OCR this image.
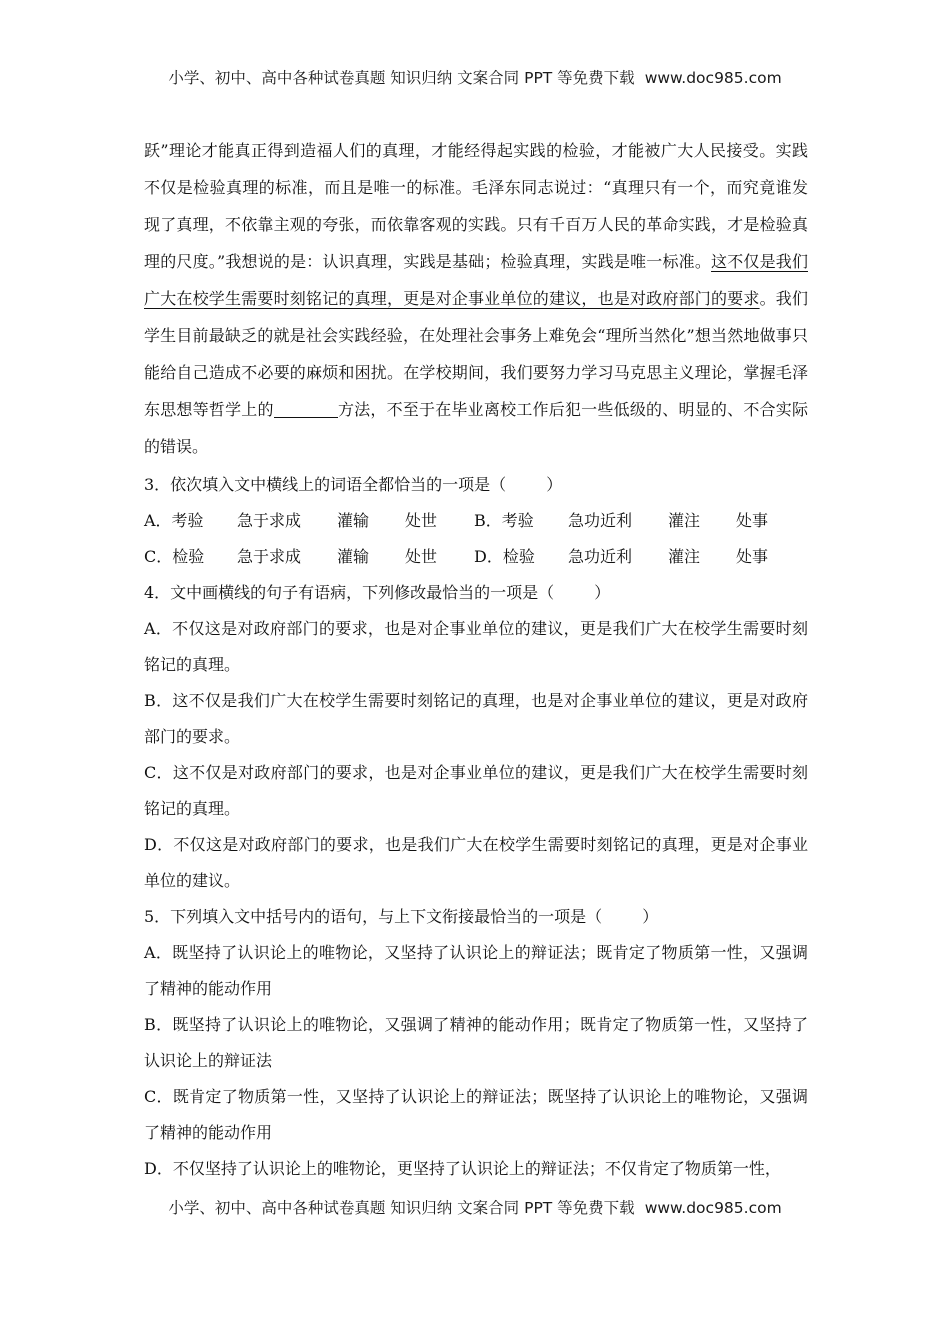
小学、初中、高中各种试卷真题 知识归纳 文案合同 PPT 等免费下载 www.doc985.com

跃”理论才能真正得到造福人们的真理，才能经得起实践的检验，才能被广大人民接受。实践不仅是检验真理的标准，而且是唯一的标准。毛泽东同志说过：“真理只有一个，而究竟谁发现了真理，不依靠主观的夸张，而依靠客观的实践。只有千百万人民的革命实践，才是检验真理的尺度。”我想说的是：认识真理，实践是基础；检验真理，实践是唯一标准。这不仅是我们广大在校学生需要时刻铭记的真理，更是对企事业单位的建议，也是对政府部门的要求。我们学生目前最缺乏的就是社会实践经验，在处理社会事务上难免会“理所当然化”想当然地做事只能给自己造成不必要的麻烦和困扰。在学校期间，我们要努力学习马克思主义理论，掌握毛泽东思想等哲学上的	方法，不至于在毕业离校工作后犯一些低级的、明显的、不合实际的错误。

3．依次填入文中横线上的词语全都恰当的一项是（	）

A．考验 急于求成 灌输 处世 B．考验 急功近利 灌注 处事
C．检验 急于求成 灌输 处世 D．检验 急功近利 灌注 处事

4．文中画横线的句子有语病，下列修改最恰当的一项是（	）

A．不仅这是对政府部门的要求，也是对企事业单位的建议，更是我们广大在校学生需要时刻铭记的真理。

B．这不仅是我们广大在校学生需要时刻铭记的真理，也是对企事业单位的建议，更是对政府部门的要求。

C．这不仅是对政府部门的要求，也是对企事业单位的建议，更是我们广大在校学生需要时刻铭记的真理。

D．不仅这是对政府部门的要求，也是我们广大在校学生需要时刻铭记的真理，更是对企事业单位的建议。

5．下列填入文中括号内的语句，与上下文衔接最恰当的一项是（	）

A．既坚持了认识论上的唯物论，又坚持了认识论上的辩证法；既肯定了物质第一性，又强调了精神的能动作用

B．既坚持了认识论上的唯物论，又强调了精神的能动作用；既肯定了物质第一性，又坚持了认识论上的辩证法

C．既肯定了物质第一性，又坚持了认识论上的辩证法；既坚持了认识论上的唯物论，又强调了精神的能动作用

D．不仅坚持了认识论上的唯物论，更坚持了认识论上的辩证法；不仅肯定了物质第一性，

小学、初中、高中各种试卷真题 知识归纳 文案合同 PPT 等免费下载 www.doc985.com
